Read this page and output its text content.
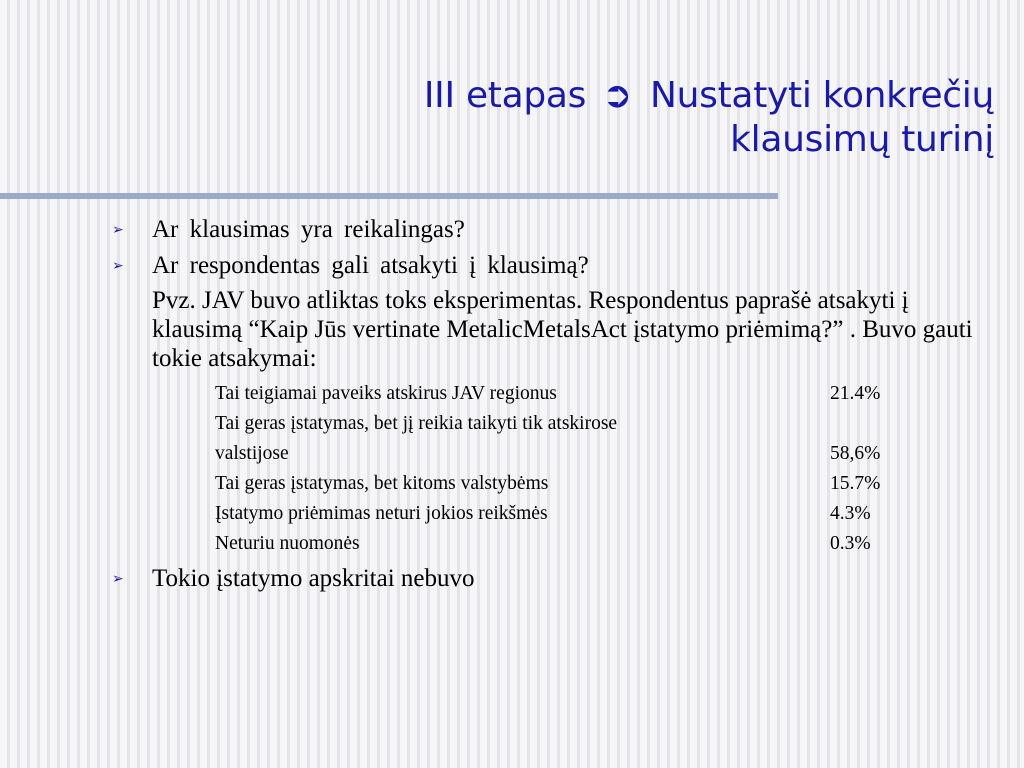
III etapas ➲ Nustatyti konkrečių
klausimų turinį
➢ Ar klausimas yra reikalingas?
➢ Ar respondentas gali atsakyti į klausimą?
Pvz. JAV buvo atliktas toks eksperimentas. Respondentus paprašė atsakyti į klausimą “Kaip Jūs vertinate MetalicMetalsAct įstatymo priėmimą?” . Buvo gauti tokie atsakymai:
Tai teigiamai paveiks atskirus JAV regionus	21.4%
Tai geras įstatymas, bet jį reikia taikyti tik atskirose
valstijose	58,6%
Tai geras įstatymas, bet kitoms valstybėms	15.7%
Įstatymo priėmimas neturi jokios reikšmės	4.3%
Neturiu nuomonės	0.3%
➢ Tokio įstatymo apskritai nebuvo
